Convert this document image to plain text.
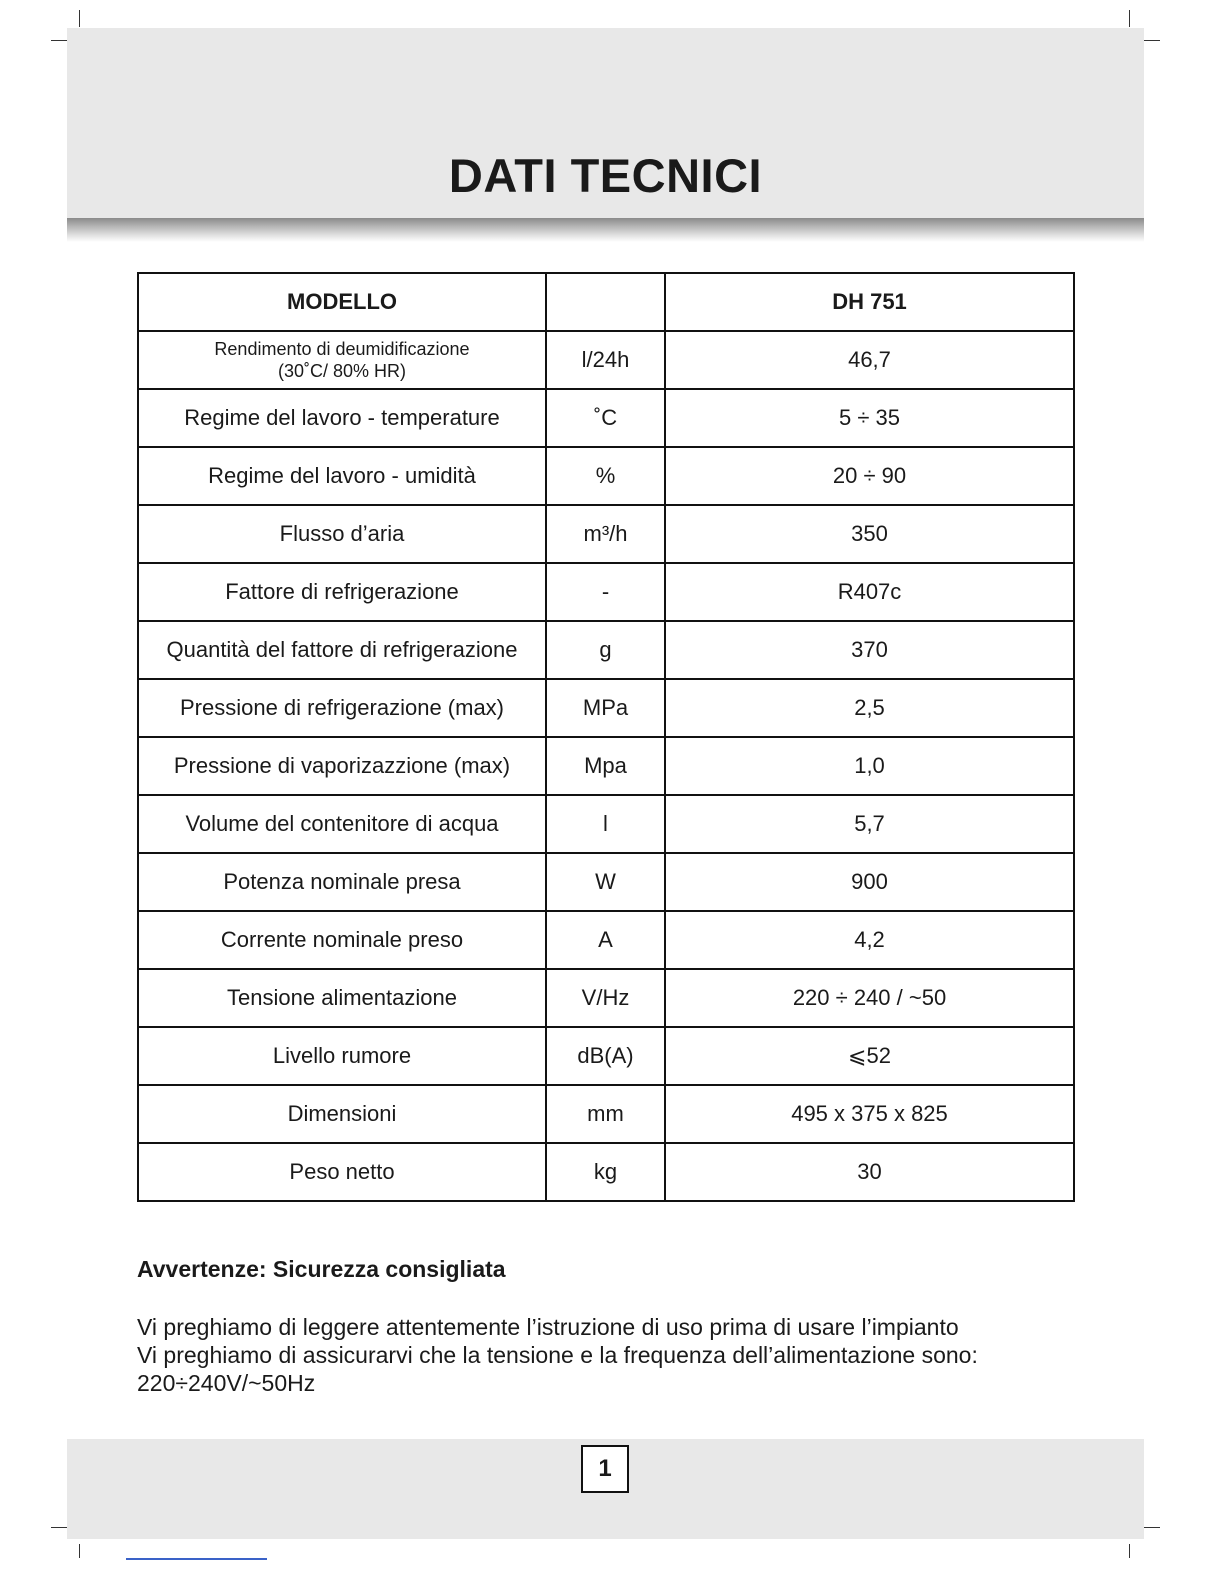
DATI TECNICI
MODELLO		DH 751
Rendimento di deumidificazione
(30˚C/ 80% HR)	l/24h	46,7
Regime del lavoro - temperature	˚C	5 ÷ 35
Regime del lavoro - umidità	%	20 ÷ 90
Flusso d’aria	m³/h	350
Fattore di refrigerazione	-	R407c
Quantità del fattore di refrigerazione	g	370
Pressione di refrigerazione (max)	MPa	2,5
Pressione di vaporizazzione (max)	Mpa	1,0
Volume del contenitore di acqua	l	5,7
Potenza nominale presa	W	900
Corrente nominale preso	A	4,2
Tensione alimentazione	V/Hz	220 ÷ 240 / ~50
Livello rumore	dB(A)	⩽52
Dimensioni	mm	495 x 375 x 825
Peso netto	kg	30
Avvertenze: Sicurezza consigliata

Vi preghiamo di leggere attentemente l’istruzione di uso prima di usare l’impianto
Vi preghiamo di assicurarvi che la tensione e la frequenza dell’alimentazione sono:
220÷240V/~50Hz

1
